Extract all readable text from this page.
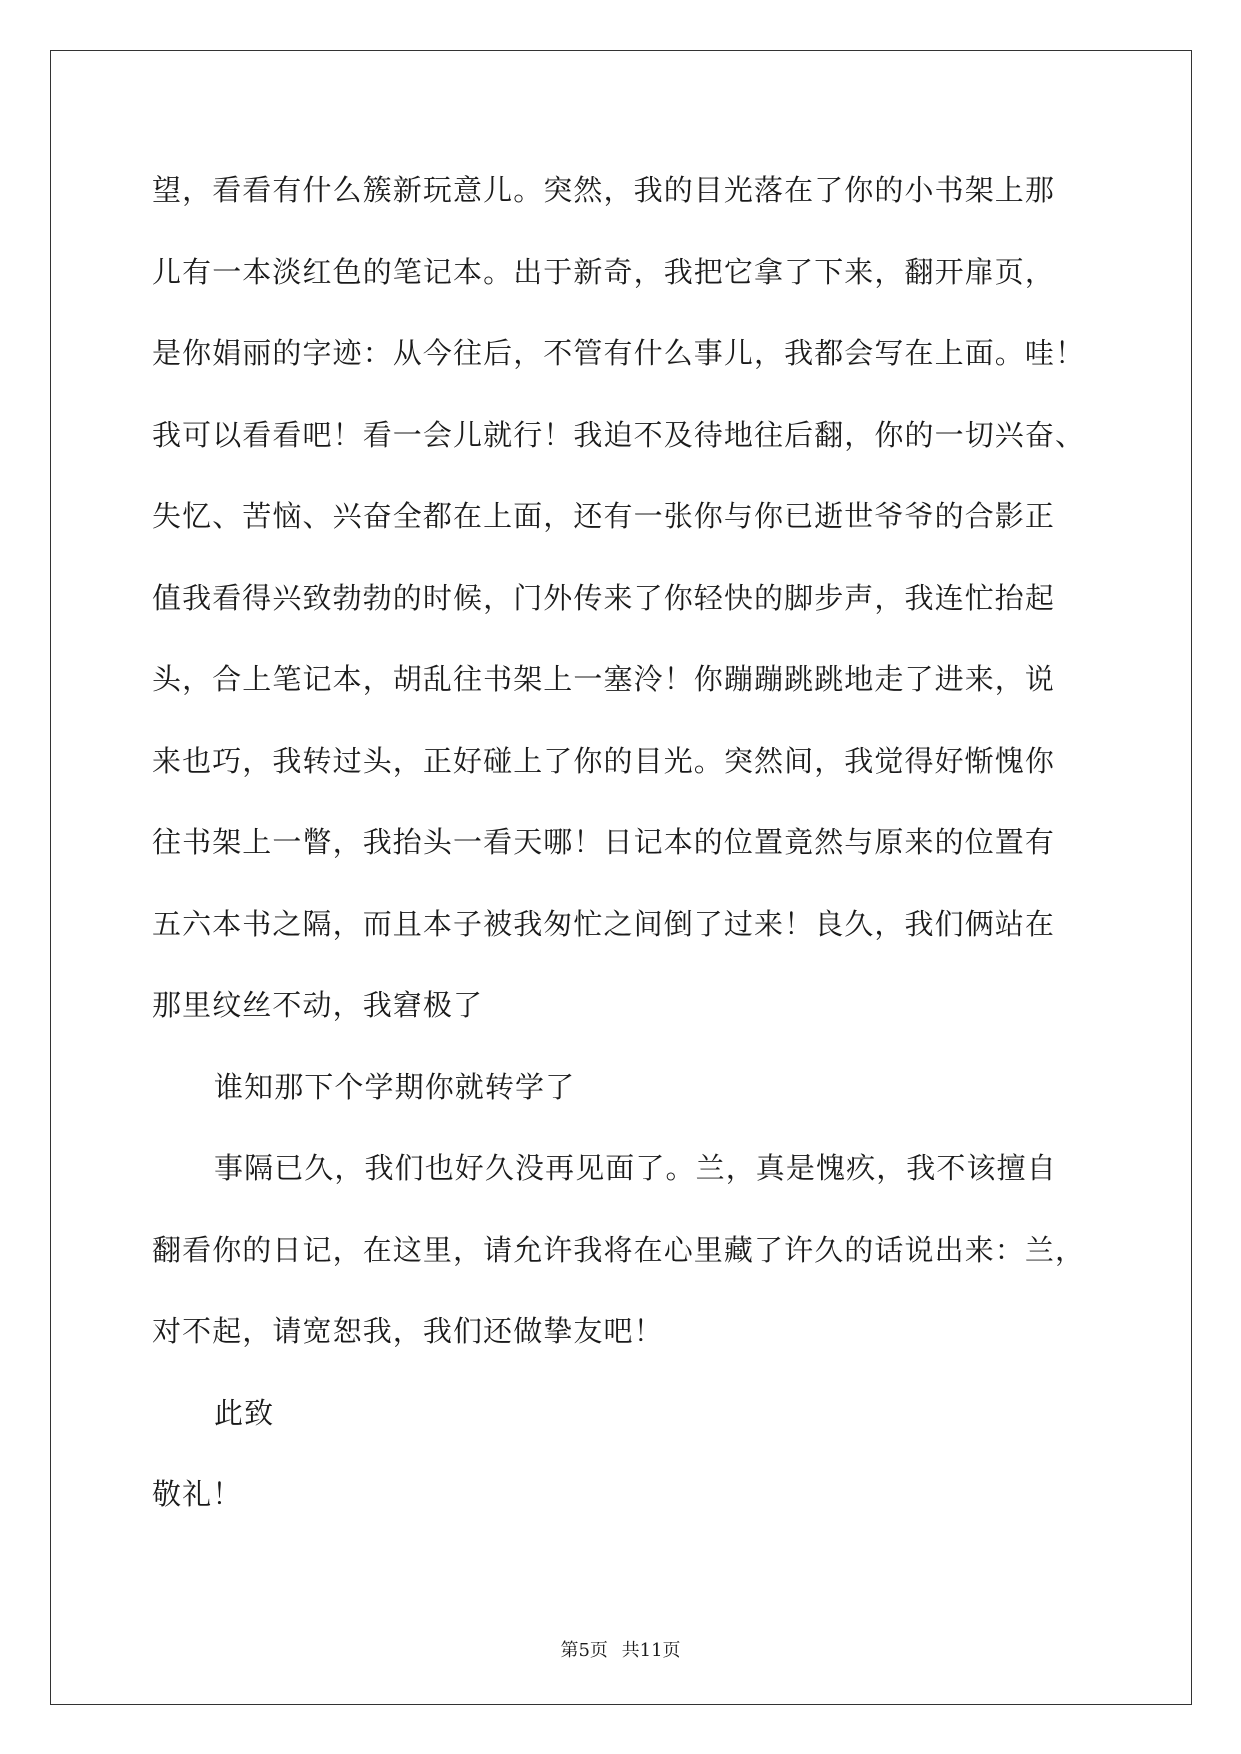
望，看看有什么簇新玩意儿。突然，我的目光落在了你的小书架上那
儿有一本淡红色的笔记本。出于新奇，我把它拿了下来，翻开扉页，
是你娟丽的字迹：从今往后，不管有什么事儿，我都会写在上面。哇！
我可以看看吧！看一会儿就行！我迫不及待地往后翻，你的一切兴奋、
失忆、苦恼、兴奋全都在上面，还有一张你与你已逝世爷爷的合影正
值我看得兴致勃勃的时候，门外传来了你轻快的脚步声，我连忙抬起
头，合上笔记本，胡乱往书架上一塞泠！你蹦蹦跳跳地走了进来，说
来也巧，我转过头，正好碰上了你的目光。突然间，我觉得好惭愧你
往书架上一瞥，我抬头一看天哪！日记本的位置竟然与原来的位置有
五六本书之隔，而且本子被我匆忙之间倒了过来！良久，我们俩站在
那里纹丝不动，我窘极了
谁知那下个学期你就转学了
事隔已久，我们也好久没再见面了。兰，真是愧疚，我不该擅自
翻看你的日记，在这里，请允许我将在心里藏了许久的话说出来：兰，
对不起，请宽恕我，我们还做挚友吧！
此致
敬礼！
第5页 共11页
